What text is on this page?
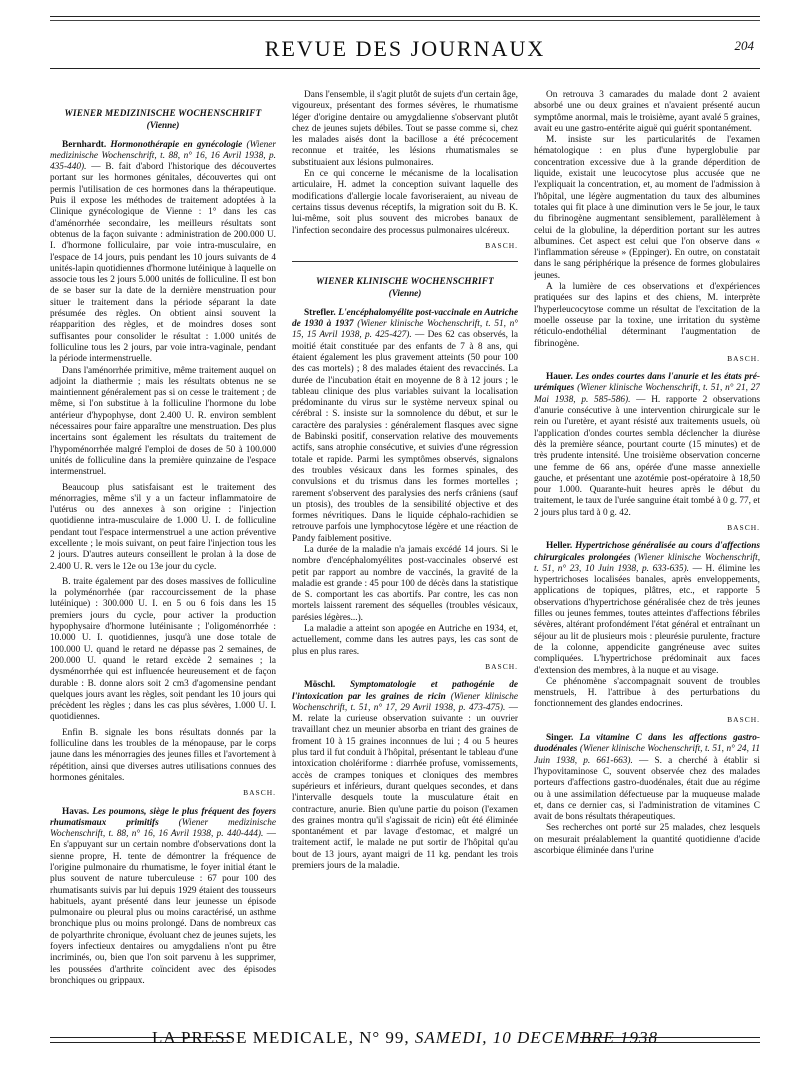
REVUE DES JOURNAUX	204
WIENER MEDIZINISCHE WOCHENSCHRIFT
(Vienne)

Bernhardt. Hormonothérapie en gynécologie (Wiener medizinische Wochenschrift, t. 88, n° 16, 16 Avril 1938, p. 435-440). — B. fait d'abord l'historique des découvertes portant sur les hormones génitales, découvertes qui ont permis l'utilisation de ces hormones dans la thérapeutique. Puis il expose les méthodes de traitement adoptées à la Clinique gynécologique de Vienne : 1° dans les cas d'aménorrhée secondaire, les meilleurs résultats sont obtenus de la façon suivante : administration de 200.000 U. I. d'hormone folliculaire, par voie intra-musculaire, en l'espace de 14 jours, puis pendant les 10 jours suivants de 4 unités-lapin quotidiennes d'hormone lutéinique à laquelle on associe tous les 2 jours 5.000 unités de folliculine. Il est bon de se baser sur la date de la dernière menstruation pour situer le traitement dans la période séparant la date présumée des règles. On obtient ainsi souvent la réapparition des règles, et de moindres doses sont suffisantes pour consolider le résultat : 1.000 unités de folliculine tous les 2 jours, par voie intra-vaginale, pendant la période intermenstruelle.

Dans l'aménorrhée primitive, même traitement auquel on adjoint la diathermie ; mais les résultats obtenus ne se maintiennent généralement pas si on cesse le traitement ; de même, si l'on substitue à la folliculine l'hormone du lobe antérieur d'hypophyse, dont 2.400 U. R. environ semblent nécessaires pour faire apparaître une menstruation. Des plus incertains sont également les résultats du traitement de l'hypoménorrhée malgré l'emploi de doses de 50 à 100.000 unités de folliculine dans la première quinzaine de l'espace intermenstruel.

Beaucoup plus satisfaisant est le traitement des ménorragies, même s'il y a un facteur inflammatoire de l'utérus ou des annexes à son origine : l'injection quotidienne intra-musculaire de 1.000 U. I. de folliculine pendant tout l'espace intermenstruel a une action préventive excellente ; le mois suivant, on peut faire l'injection tous les 2 jours. D'autres auteurs conseillent le prolan à la dose de 2.400 U. R. vers le 12e ou 13e jour du cycle.

B. traite également par des doses massives de folliculine la polyménorrhée (par raccourcissement de la phase lutéinique) : 300.000 U. I. en 5 ou 6 fois dans les 15 premiers jours du cycle, pour activer la production hypophysaire d'hormone lutéinisante ; l'oligoménorrhée : 10.000 U. I. quotidiennes, jusqu'à une dose totale de 100.000 U. quand le retard ne dépasse pas 2 semaines, de 200.000 U. quand le retard excède 2 semaines ; la dysménorrhée qui est influencée heureusement et de façon durable : B. donne alors soit 2 cm3 d'agomensine pendant quelques jours avant les règles, soit pendant les 10 jours qui précèdent les règles ; dans les cas plus sévères, 1.000 U. I. quotidiennes.

Enfin B. signale les bons résultats donnés par la folliculine dans les troubles de la ménopause, par le corps jaune dans les ménorragies des jeunes filles et l'avortement à répétition, ainsi que diverses autres utilisations connues des hormones génitales.

BASCH.

Havas. Les poumons, siège le plus fréquent des foyers rhumatismaux primitifs (Wiener medizinische Wochenschrift, t. 88, n° 16, 16 Avril 1938, p. 440-444). — En s'appuyant sur un certain nombre d'observations dont la sienne propre, H. tente de démontrer la fréquence de l'origine pulmonaire du rhumatisme, le foyer initial étant le plus souvent de nature tuberculeuse : 67 pour 100 des rhumatisants suivis par lui depuis 1929 étaient des tousseurs habituels, ayant présenté dans leur jeunesse un épisode pulmonaire ou pleural plus ou moins caractérisé, un asthme bronchique plus ou moins prolongé. Dans de nombreux cas de polyarthrite chronique, évoluant chez de jeunes sujets, les foyers infectieux dentaires ou amygdaliens n'ont pu être incriminés, ou, bien que l'on soit parvenu à les supprimer, les poussées d'arthrite coïncident avec des épisodes bronchiques ou grippaux.

Dans l'ensemble, il s'agit plutôt de sujets d'un certain âge, vigoureux, présentant des formes sévères, le rhumatisme léger d'origine dentaire ou amygdalienne s'observant plutôt chez de jeunes sujets débiles. Tout se passe comme si, chez les malades aisés dont la bacillose a été précocement reconnue et traitée, les lésions rhumatismales se substituaient aux lésions pulmonaires.

En ce qui concerne le mécanisme de la localisation articulaire, H. admet la conception suivant laquelle des modifications d'allergie locale favoriseraient, au niveau de certains tissus devenus réceptifs, la migration soit du B. K. lui-même, soit plus souvent des microbes banaux de l'infection secondaire des processus pulmonaires ulcéreux.

BASCH.
WIENER KLINISCHE WOCHENSCHRIFT
(Vienne)

Strefler. L'encéphalomyélite post-vaccinale en Autriche de 1930 à 1937 (Wiener klinische Wochenschrift, t. 51, n° 15, 15 Avril 1938, p. 425-427). — Des 62 cas observés, la moitié était constituée par des enfants de 7 à 8 ans, qui étaient également les plus gravement atteints (50 pour 100 des cas mortels) ; 8 des malades étaient des revaccinés. La durée de l'incubation était en moyenne de 8 à 12 jours ; le tableau clinique des plus variables suivant la localisation prédominante du virus sur le système nerveux spinal ou cérébral : S. insiste sur la somnolence du début, et sur le caractère des paralysies : généralement flasques avec signe de Babinski positif, conservation relative des mouvements actifs, sans atrophie consécutive, et suivies d'une régression totale et rapide. Parmi les symptômes observés, signalons des troubles vésicaux dans les formes spinales, des convulsions et du trismus dans les formes mortelles ; rarement s'observent des paralysies des nerfs crâniens (sauf un ptosis), des troubles de la sensibilité objective et des formes névritiques. Dans le liquide céphalo-rachidien se retrouve parfois une lymphocytose légère et une réaction de Pandy faiblement positive.

La durée de la maladie n'a jamais excédé 14 jours. Si le nombre d'encéphalomyélites post-vaccinales observé est petit par rapport au nombre de vaccinés, la gravité de la maladie est grande : 45 pour 100 de décès dans la statistique de S. comportant les cas abortifs. Par contre, les cas non mortels laissent rarement des séquelles (troubles vésicaux, parésies légères...).

La maladie a atteint son apogée en Autriche en 1934, et, actuellement, comme dans les autres pays, les cas sont de plus en plus rares.

BASCH.

Möschl. Symptomatologie et pathogénie de l'intoxication par les graines de ricin (Wiener klinische Wochenschrift, t. 51, n° 17, 29 Avril 1938, p. 473-475). — M. relate la curieuse observation suivante : un ouvrier travaillant chez un meunier absorba en triant des graines de froment 10 à 15 graines inconnues de lui ; 4 ou 5 heures plus tard il fut conduit à l'hôpital, présentant le tableau d'une intoxication cholériforme : diarrhée profuse, vomissements, accès de crampes toniques et cloniques des membres supérieurs et inférieurs, durant quelques secondes, et dans l'intervalle desquels toute la musculature était en contracture, anurie. Bien qu'une partie du poison (l'examen des graines montra qu'il s'agissait de ricin) eût été éliminée spontanément et par lavage d'estomac, et malgré un traitement actif, le malade ne put sortir de l'hôpital qu'au bout de 13 jours, ayant maigri de 11 kg. pendant les trois premiers jours de la maladie.

On retrouva 3 camarades du malade dont 2 avaient absorbé une ou deux graines et n'avaient présenté aucun symptôme anormal, mais le troisième, ayant avalé 5 graines, avait eu une gastro-entérite aiguë qui guérit spontanément.

M. insiste sur les particularités de l'examen hématologique : en plus d'une hyperglobulie par concentration excessive due à la grande déperdition de liquide, existait une leucocytose plus accusée que ne l'expliquait la concentration, et, au moment de l'admission à l'hôpital, une légère augmentation du taux des albumines totales qui fit place à une diminution vers le 5e jour, le taux du fibrinogène augmentant sensiblement, parallèlement à celui de la globuline, la déperdition portant sur les autres albumines. Cet aspect est celui que l'on observe dans « l'inflammation séreuse » (Eppinger). En outre, on constatait dans le sang périphérique la présence de formes globulaires jeunes.

A la lumière de ces observations et d'expériences pratiquées sur des lapins et des chiens, M. interprète l'hyperleucocytose comme un résultat de l'excitation de la moelle osseuse par la toxine, une irritation du système réticulo-endothélial déterminant l'augmentation de fibrinogène.

BASCH.

Hauer. Les ondes courtes dans l'anurie et les états pré-urémiques (Wiener klinische Wochenschrift, t. 51, n° 21, 27 Mai 1938, p. 585-586). — H. rapporte 2 observations d'anurie consécutive à une intervention chirurgicale sur le rein ou l'uretère, et ayant résisté aux traitements usuels, où l'application d'ondes courtes sembla déclencher la diurèse dès la première séance, pourtant courte (15 minutes) et de très prudente intensité. Une troisième observation concerne une femme de 66 ans, opérée d'une masse annexielle gauche, et présentant une azotémie post-opératoire à 18,50 pour 1.000. Quarante-huit heures après le début du traitement, le taux de l'urée sanguine était tombé à 0 g. 77, et 2 jours plus tard à 0 g. 42.

BASCH.

Heller. Hypertrichose généralisée au cours d'affections chirurgicales prolongées (Wiener klinische Wochenschrift, t. 51, n° 23, 10 Juin 1938, p. 633-635). — H. élimine les hypertrichoses localisées banales, après enveloppements, applications de topiques, plâtres, etc., et rapporte 5 observations d'hypertrichose généralisée chez de très jeunes filles ou jeunes femmes, toutes atteintes d'affections fébriles sévères, altérant profondément l'état général et entraînant un séjour au lit de plusieurs mois : pleurésie purulente, fracture de la colonne, appendicite gangréneuse avec suites compliquées. L'hypertrichose prédominait aux faces d'extension des membres, à la nuque et au visage.

Ce phénomène s'accompagnait souvent de troubles menstruels, H. l'attribue à des perturbations du fonctionnement des glandes endocrines.

BASCH.

Singer. La vitamine C dans les affections gastro-duodénales (Wiener klinische Wochenschrift, t. 51, n° 24, 11 Juin 1938, p. 661-663). — S. a cherché à établir si l'hypovitaminose C, souvent observée chez des malades porteurs d'affections gastro-duodénales, était due au régime ou à une assimilation défectueuse par la muqueuse malade et, dans ce dernier cas, si l'administration de vitamines C avait de bons résultats thérapeutiques.

Ses recherches ont porté sur 25 malades, chez lesquels on mesurait préalablement la quantité quotidienne d'acide ascorbique éliminée dans l'urine

LA PRESSE MEDICALE, N° 99, SAMEDI, 10 DECEMBRE 1938
